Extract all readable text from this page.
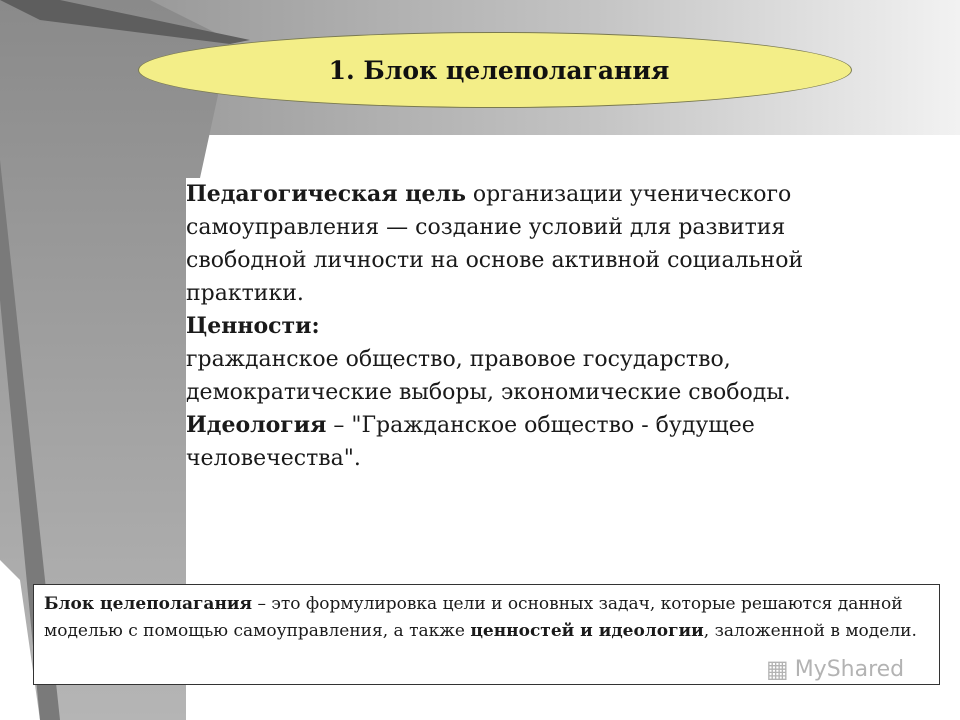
1. Блок целеполагания

Педагогическая цель организации ученического самоуправления — создание условий для развития свободной личности на основе активной социальной практики.

Ценности:

гражданское общество, правовое государство, демократические выборы, экономические свободы.

Идеология – "Гражданское общество - будущее человечества".

Блок целеполагания – это формулировка цели и основных задач, которые решаются данной моделью с помощью самоуправления, а также ценностей и идеологии, заложенной в модели.
▦ MyShared
